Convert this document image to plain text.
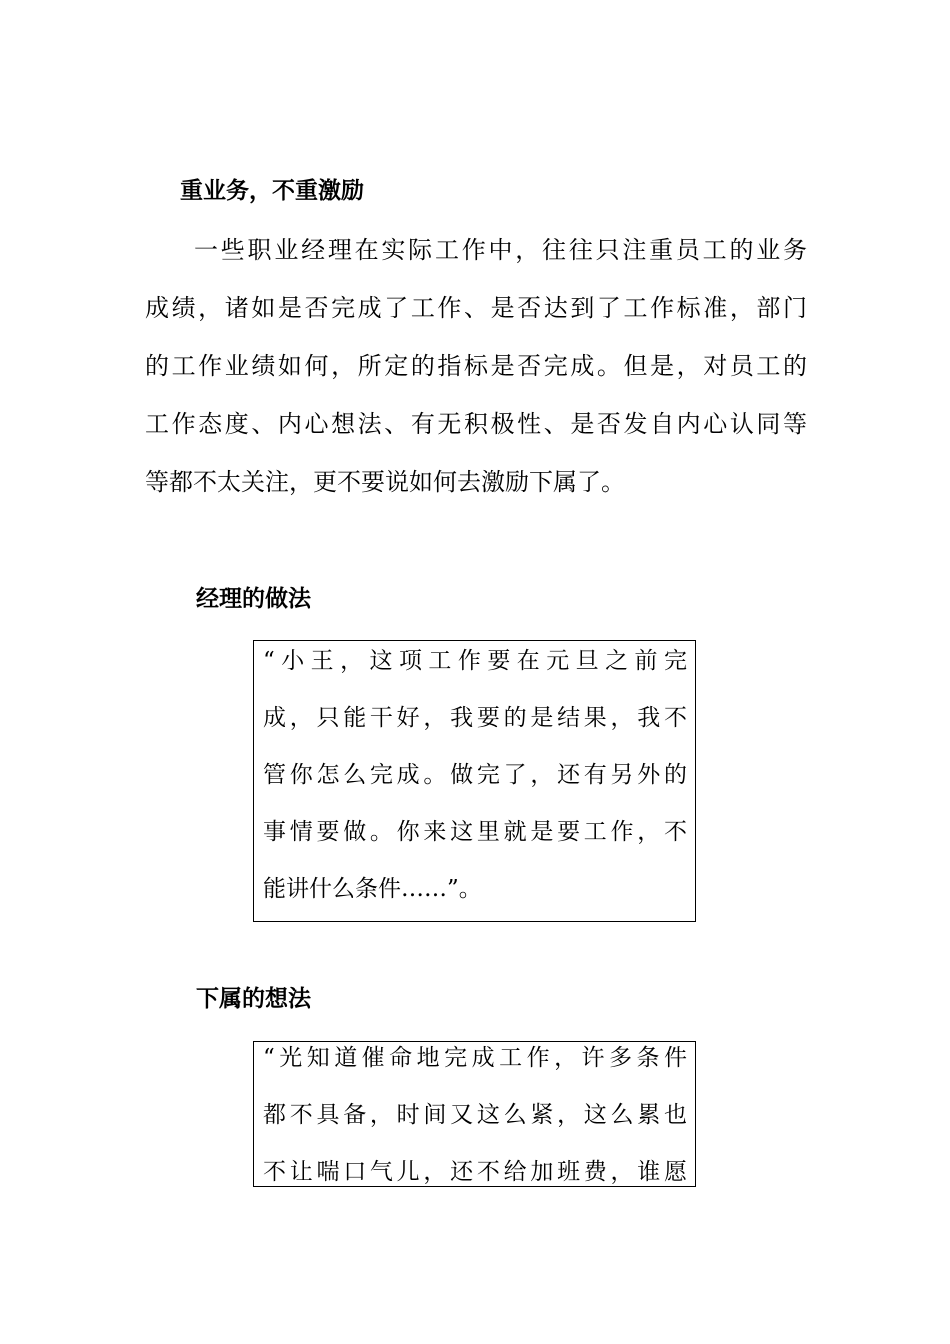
重业务，不重激励
一些职业经理在实际工作中，往往只注重员工的业务
成绩，诸如是否完成了工作、是否达到了工作标准，部门
的工作业绩如何，所定的指标是否完成。但是，对员工的
工作态度、内心想法、有无积极性、是否发自内心认同等
等都不太关注，更不要说如何去激励下属了。
经理的做法
“小王，这项工作要在元旦之前完
成，只能干好，我要的是结果，我不
管你怎么完成。做完了，还有另外的
事情要做。你来这里就是要工作，不
能讲什么条件……”。
下属的想法
“光知道催命地完成工作，许多条件
都不具备，时间又这么紧，这么累也
不让喘口气儿，还不给加班费，谁愿
